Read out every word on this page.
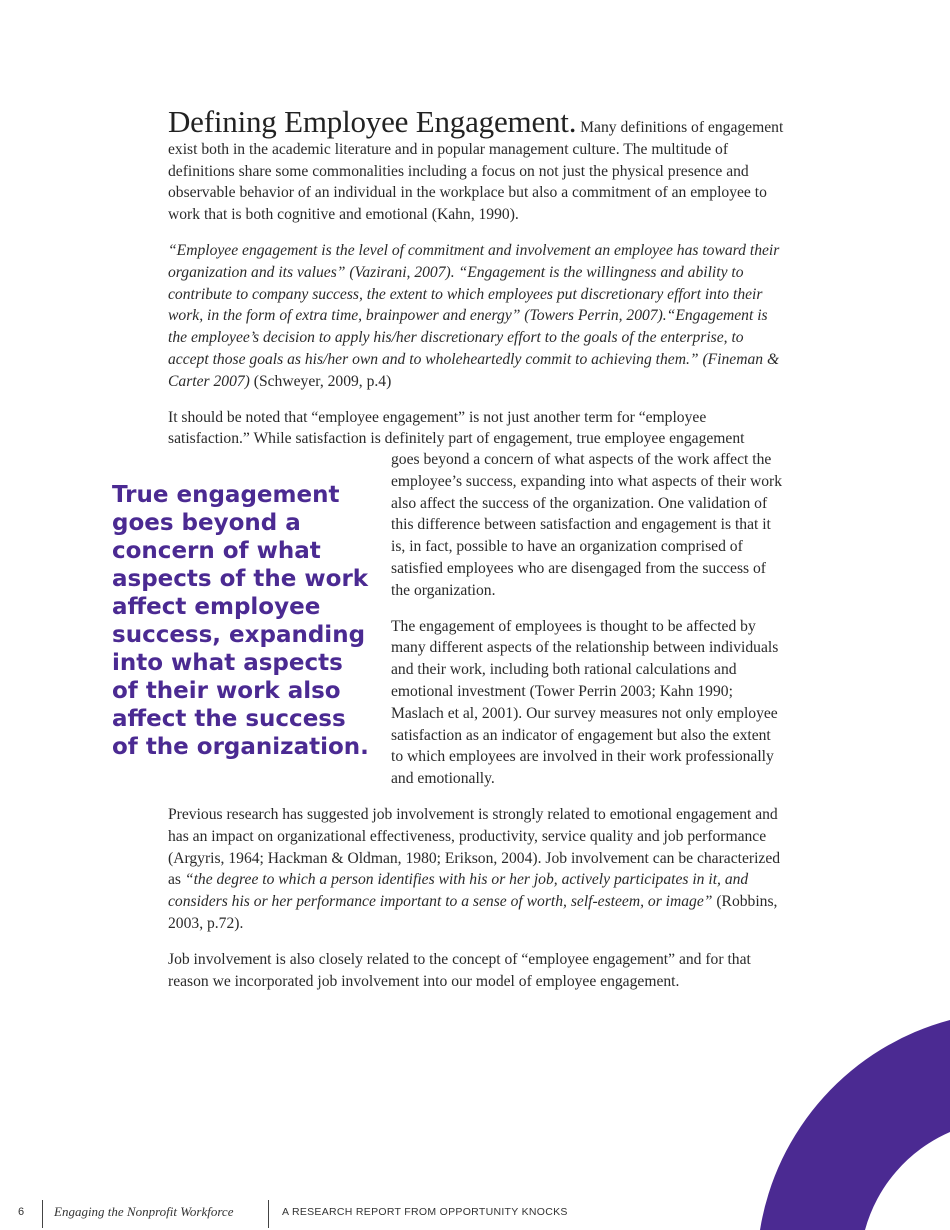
Defining Employee Engagement. Many definitions of engagement exist both in the academic literature and in popular management culture. The multitude of definitions share some commonalities including a focus on not just the physical presence and observable behavior of an individual in the workplace but also a commitment of an employee to work that is both cognitive and emotional (Kahn, 1990).

“Employee engagement is the level of commitment and involvement an employee has toward their organization and its values” (Vazirani, 2007). “Engagement is the willingness and ability to contribute to company success, the extent to which employees put discretionary effort into their work, in the form of extra time, brainpower and energy” (Towers Perrin, 2007).“Engagement is the employee’s decision to apply his/her discretionary effort to the goals of the enterprise, to accept those goals as his/her own and to wholeheartedly commit to achieving them.” (Fineman & Carter 2007) (Schweyer, 2009, p.4)

It should be noted that “employee engagement” is not just another term for “employee satisfaction.” While satisfaction is definitely part of engagement, true employee engagement

True engagement goes beyond a concern of what aspects of the work affect employee success, expanding into what aspects of their work also affect the success of the organization.

goes beyond a concern of what aspects of the work affect the employee’s success, expanding into what aspects of their work also affect the success of the organization. One validation of this difference between satisfaction and engagement is that it is, in fact, possible to have an organization comprised of satisfied employees who are disengaged from the success of the organization.

The engagement of employees is thought to be affected by many different aspects of the relationship between individuals and their work, including both rational calculations and emotional investment (Tower Perrin 2003; Kahn 1990; Maslach et al, 2001). Our survey measures not only employee satisfaction as an indicator of engagement but also the extent to which employees are involved in their work professionally and emotionally.

Previous research has suggested job involvement is strongly related to emotional engagement and has an impact on organizational effectiveness, productivity, service quality and job performance (Argyris, 1964; Hackman & Oldman, 1980; Erikson, 2004). Job involvement can be characterized as “the degree to which a person identifies with his or her job, actively participates in it, and considers his or her performance important to a sense of worth, self-esteem, or image” (Robbins, 2003, p.72).

Job involvement is also closely related to the concept of “employee engagement” and for that reason we incorporated job involvement into our model of employee engagement.

6 Engaging the Nonprofit Workforce	A RESEARCH REPORT FROM OPPORTUNITY KNOCKS
